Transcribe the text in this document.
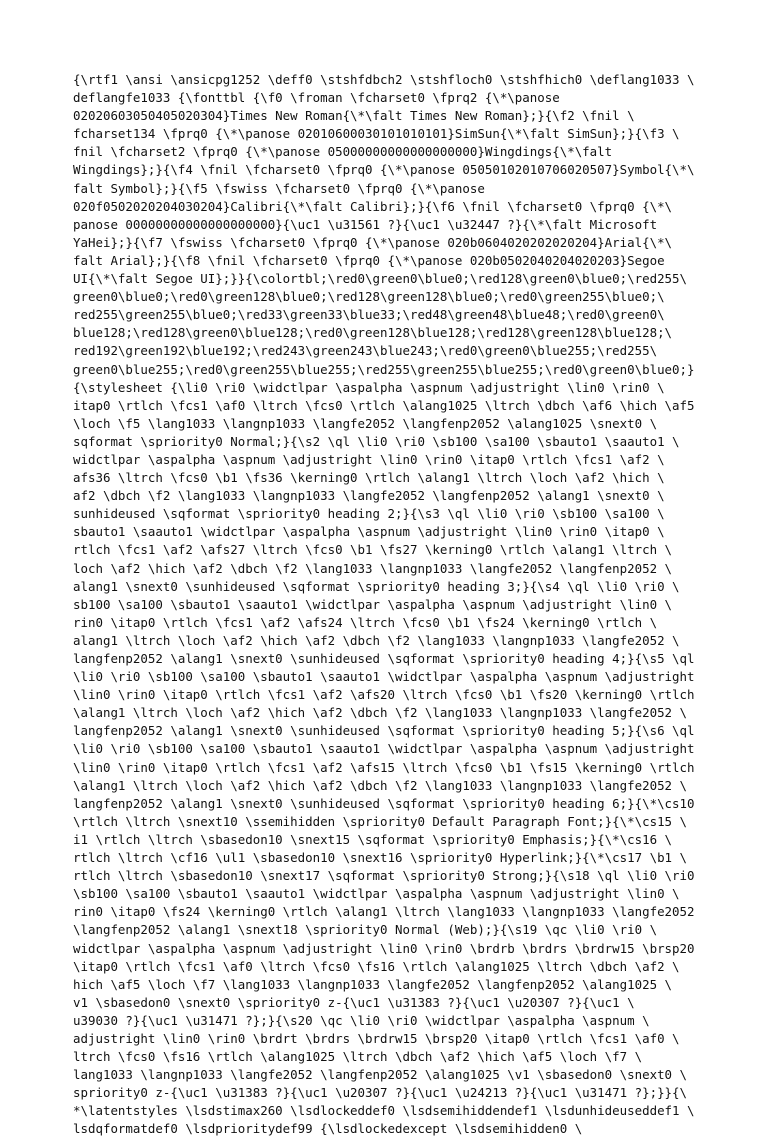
{\rtf1 \ansi \ansicpg1252 \deff0 \stshfdbch2 \stshfloch0 \stshfhich0 \deflang1033 \
deflangfe1033 {\fonttbl {\f0 \froman \fcharset0 \fprq2 {\*\panose
02020603050405020304}Times New Roman{\*\falt Times New Roman};}{\f2 \fnil \
fcharset134 \fprq0 {\*\panose 02010600030101010101}SimSun{\*\falt SimSun};}{\f3 \
fnil \fcharset2 \fprq0 {\*\panose 05000000000000000000}Wingdings{\*\falt
Wingdings};}{\f4 \fnil \fcharset0 \fprq0 {\*\panose 05050102010706020507}Symbol{\*\
falt Symbol};}{\f5 \fswiss \fcharset0 \fprq0 {\*\panose
020f0502020204030204}Calibri{\*\falt Calibri};}{\f6 \fnil \fcharset0 \fprq0 {\*\
panose 00000000000000000000}{\uc1 \u31561 ?}{\uc1 \u32447 ?}{\*\falt Microsoft
YaHei};}{\f7 \fswiss \fcharset0 \fprq0 {\*\panose 020b0604020202020204}Arial{\*\
falt Arial};}{\f8 \fnil \fcharset0 \fprq0 {\*\panose 020b0502040204020203}Segoe
UI{\*\falt Segoe UI};}}{\colortbl;\red0\green0\blue0;\red128\green0\blue0;\red255\
green0\blue0;\red0\green128\blue0;\red128\green128\blue0;\red0\green255\blue0;\
red255\green255\blue0;\red33\green33\blue33;\red48\green48\blue48;\red0\green0\
blue128;\red128\green0\blue128;\red0\green128\blue128;\red128\green128\blue128;\
red192\green192\blue192;\red243\green243\blue243;\red0\green0\blue255;\red255\
green0\blue255;\red0\green255\blue255;\red255\green255\blue255;\red0\green0\blue0;}
{\stylesheet {\li0 \ri0 \widctlpar \aspalpha \aspnum \adjustright \lin0 \rin0 \
itap0 \rtlch \fcs1 \af0 \ltrch \fcs0 \rtlch \alang1025 \ltrch \dbch \af6 \hich \af5
\loch \f5 \lang1033 \langnp1033 \langfe2052 \langfenp2052 \alang1025 \snext0 \
sqformat \spriority0 Normal;}{\s2 \ql \li0 \ri0 \sb100 \sa100 \sbauto1 \saauto1 \
widctlpar \aspalpha \aspnum \adjustright \lin0 \rin0 \itap0 \rtlch \fcs1 \af2 \
afs36 \ltrch \fcs0 \b1 \fs36 \kerning0 \rtlch \alang1 \ltrch \loch \af2 \hich \
af2 \dbch \f2 \lang1033 \langnp1033 \langfe2052 \langfenp2052 \alang1 \snext0 \
sunhideused \sqformat \spriority0 heading 2;}{\s3 \ql \li0 \ri0 \sb100 \sa100 \
sbauto1 \saauto1 \widctlpar \aspalpha \aspnum \adjustright \lin0 \rin0 \itap0 \
rtlch \fcs1 \af2 \afs27 \ltrch \fcs0 \b1 \fs27 \kerning0 \rtlch \alang1 \ltrch \
loch \af2 \hich \af2 \dbch \f2 \lang1033 \langnp1033 \langfe2052 \langfenp2052 \
alang1 \snext0 \sunhideused \sqformat \spriority0 heading 3;}{\s4 \ql \li0 \ri0 \
sb100 \sa100 \sbauto1 \saauto1 \widctlpar \aspalpha \aspnum \adjustright \lin0 \
rin0 \itap0 \rtlch \fcs1 \af2 \afs24 \ltrch \fcs0 \b1 \fs24 \kerning0 \rtlch \
alang1 \ltrch \loch \af2 \hich \af2 \dbch \f2 \lang1033 \langnp1033 \langfe2052 \
langfenp2052 \alang1 \snext0 \sunhideused \sqformat \spriority0 heading 4;}{\s5 \ql
\li0 \ri0 \sb100 \sa100 \sbauto1 \saauto1 \widctlpar \aspalpha \aspnum \adjustright
\lin0 \rin0 \itap0 \rtlch \fcs1 \af2 \afs20 \ltrch \fcs0 \b1 \fs20 \kerning0 \rtlch
\alang1 \ltrch \loch \af2 \hich \af2 \dbch \f2 \lang1033 \langnp1033 \langfe2052 \
langfenp2052 \alang1 \snext0 \sunhideused \sqformat \spriority0 heading 5;}{\s6 \ql
\li0 \ri0 \sb100 \sa100 \sbauto1 \saauto1 \widctlpar \aspalpha \aspnum \adjustright
\lin0 \rin0 \itap0 \rtlch \fcs1 \af2 \afs15 \ltrch \fcs0 \b1 \fs15 \kerning0 \rtlch
\alang1 \ltrch \loch \af2 \hich \af2 \dbch \f2 \lang1033 \langnp1033 \langfe2052 \
langfenp2052 \alang1 \snext0 \sunhideused \sqformat \spriority0 heading 6;}{\*\cs10
\rtlch \ltrch \snext10 \ssemihidden \spriority0 Default Paragraph Font;}{\*\cs15 \
i1 \rtlch \ltrch \sbasedon10 \snext15 \sqformat \spriority0 Emphasis;}{\*\cs16 \
rtlch \ltrch \cf16 \ul1 \sbasedon10 \snext16 \spriority0 Hyperlink;}{\*\cs17 \b1 \
rtlch \ltrch \sbasedon10 \snext17 \sqformat \spriority0 Strong;}{\s18 \ql \li0 \ri0
\sb100 \sa100 \sbauto1 \saauto1 \widctlpar \aspalpha \aspnum \adjustright \lin0 \
rin0 \itap0 \fs24 \kerning0 \rtlch \alang1 \ltrch \lang1033 \langnp1033 \langfe2052
\langfenp2052 \alang1 \snext18 \spriority0 Normal (Web);}{\s19 \qc \li0 \ri0 \
widctlpar \aspalpha \aspnum \adjustright \lin0 \rin0 \brdrb \brdrs \brdrw15 \brsp20
\itap0 \rtlch \fcs1 \af0 \ltrch \fcs0 \fs16 \rtlch \alang1025 \ltrch \dbch \af2 \
hich \af5 \loch \f7 \lang1033 \langnp1033 \langfe2052 \langfenp2052 \alang1025 \
v1 \sbasedon0 \snext0 \spriority0 z-{\uc1 \u31383 ?}{\uc1 \u20307 ?}{\uc1 \
u39030 ?}{\uc1 \u31471 ?};}{\s20 \qc \li0 \ri0 \widctlpar \aspalpha \aspnum \
adjustright \lin0 \rin0 \brdrt \brdrs \brdrw15 \brsp20 \itap0 \rtlch \fcs1 \af0 \
ltrch \fcs0 \fs16 \rtlch \alang1025 \ltrch \dbch \af2 \hich \af5 \loch \f7 \
lang1033 \langnp1033 \langfe2052 \langfenp2052 \alang1025 \v1 \sbasedon0 \snext0 \
spriority0 z-{\uc1 \u31383 ?}{\uc1 \u20307 ?}{\uc1 \u24213 ?}{\uc1 \u31471 ?};}}{\
*\latentstyles \lsdstimax260 \lsdlockeddef0 \lsdsemihiddendef1 \lsdunhideuseddef1 \
lsdqformatdef0 \lsdprioritydef99 {\lsdlockedexcept \lsdsemihidden0 \
